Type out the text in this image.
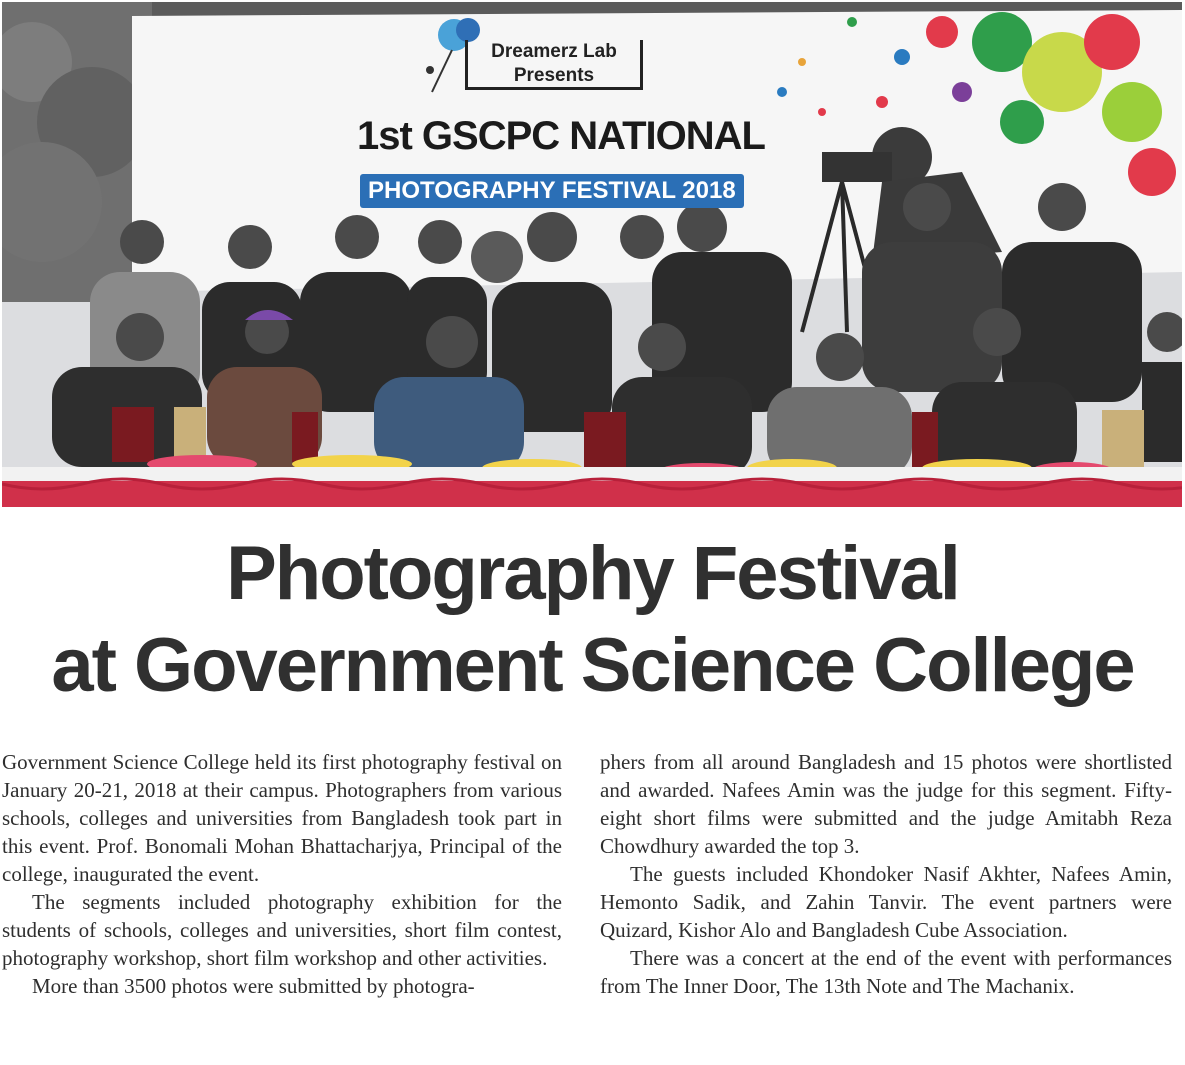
Dreamerz Lab
Presents
1st GSCPC NATIONAL
PHOTOGRAPHY FESTIVAL 2018
Photography Festival
at Government Science College

Government Science College held its first photography festival on January 20-21, 2018 at their campus. Photographers from various schools, colleges and universities from Bangladesh took part in this event. Prof. Bonomali Mohan Bhattacharjya, Principal of the college, inaugurated the event.

The segments included photography exhibition for the students of schools, colleges and universities, short film contest, photography workshop, short film workshop and other activities.

More than 3500 photos were submitted by photogra-

phers from all around Bangladesh and 15 photos were shortlisted and awarded. Nafees Amin was the judge for this segment. Fifty-eight short films were submitted and the judge Amitabh Reza Chowdhury awarded the top 3.

The guests included Khondoker Nasif Akhter, Nafees Amin, Hemonto Sadik, and Zahin Tanvir. The event partners were Quizard, Kishor Alo and Bangladesh Cube Association.

There was a concert at the end of the event with performances from The Inner Door, The 13th Note and The Machanix.
